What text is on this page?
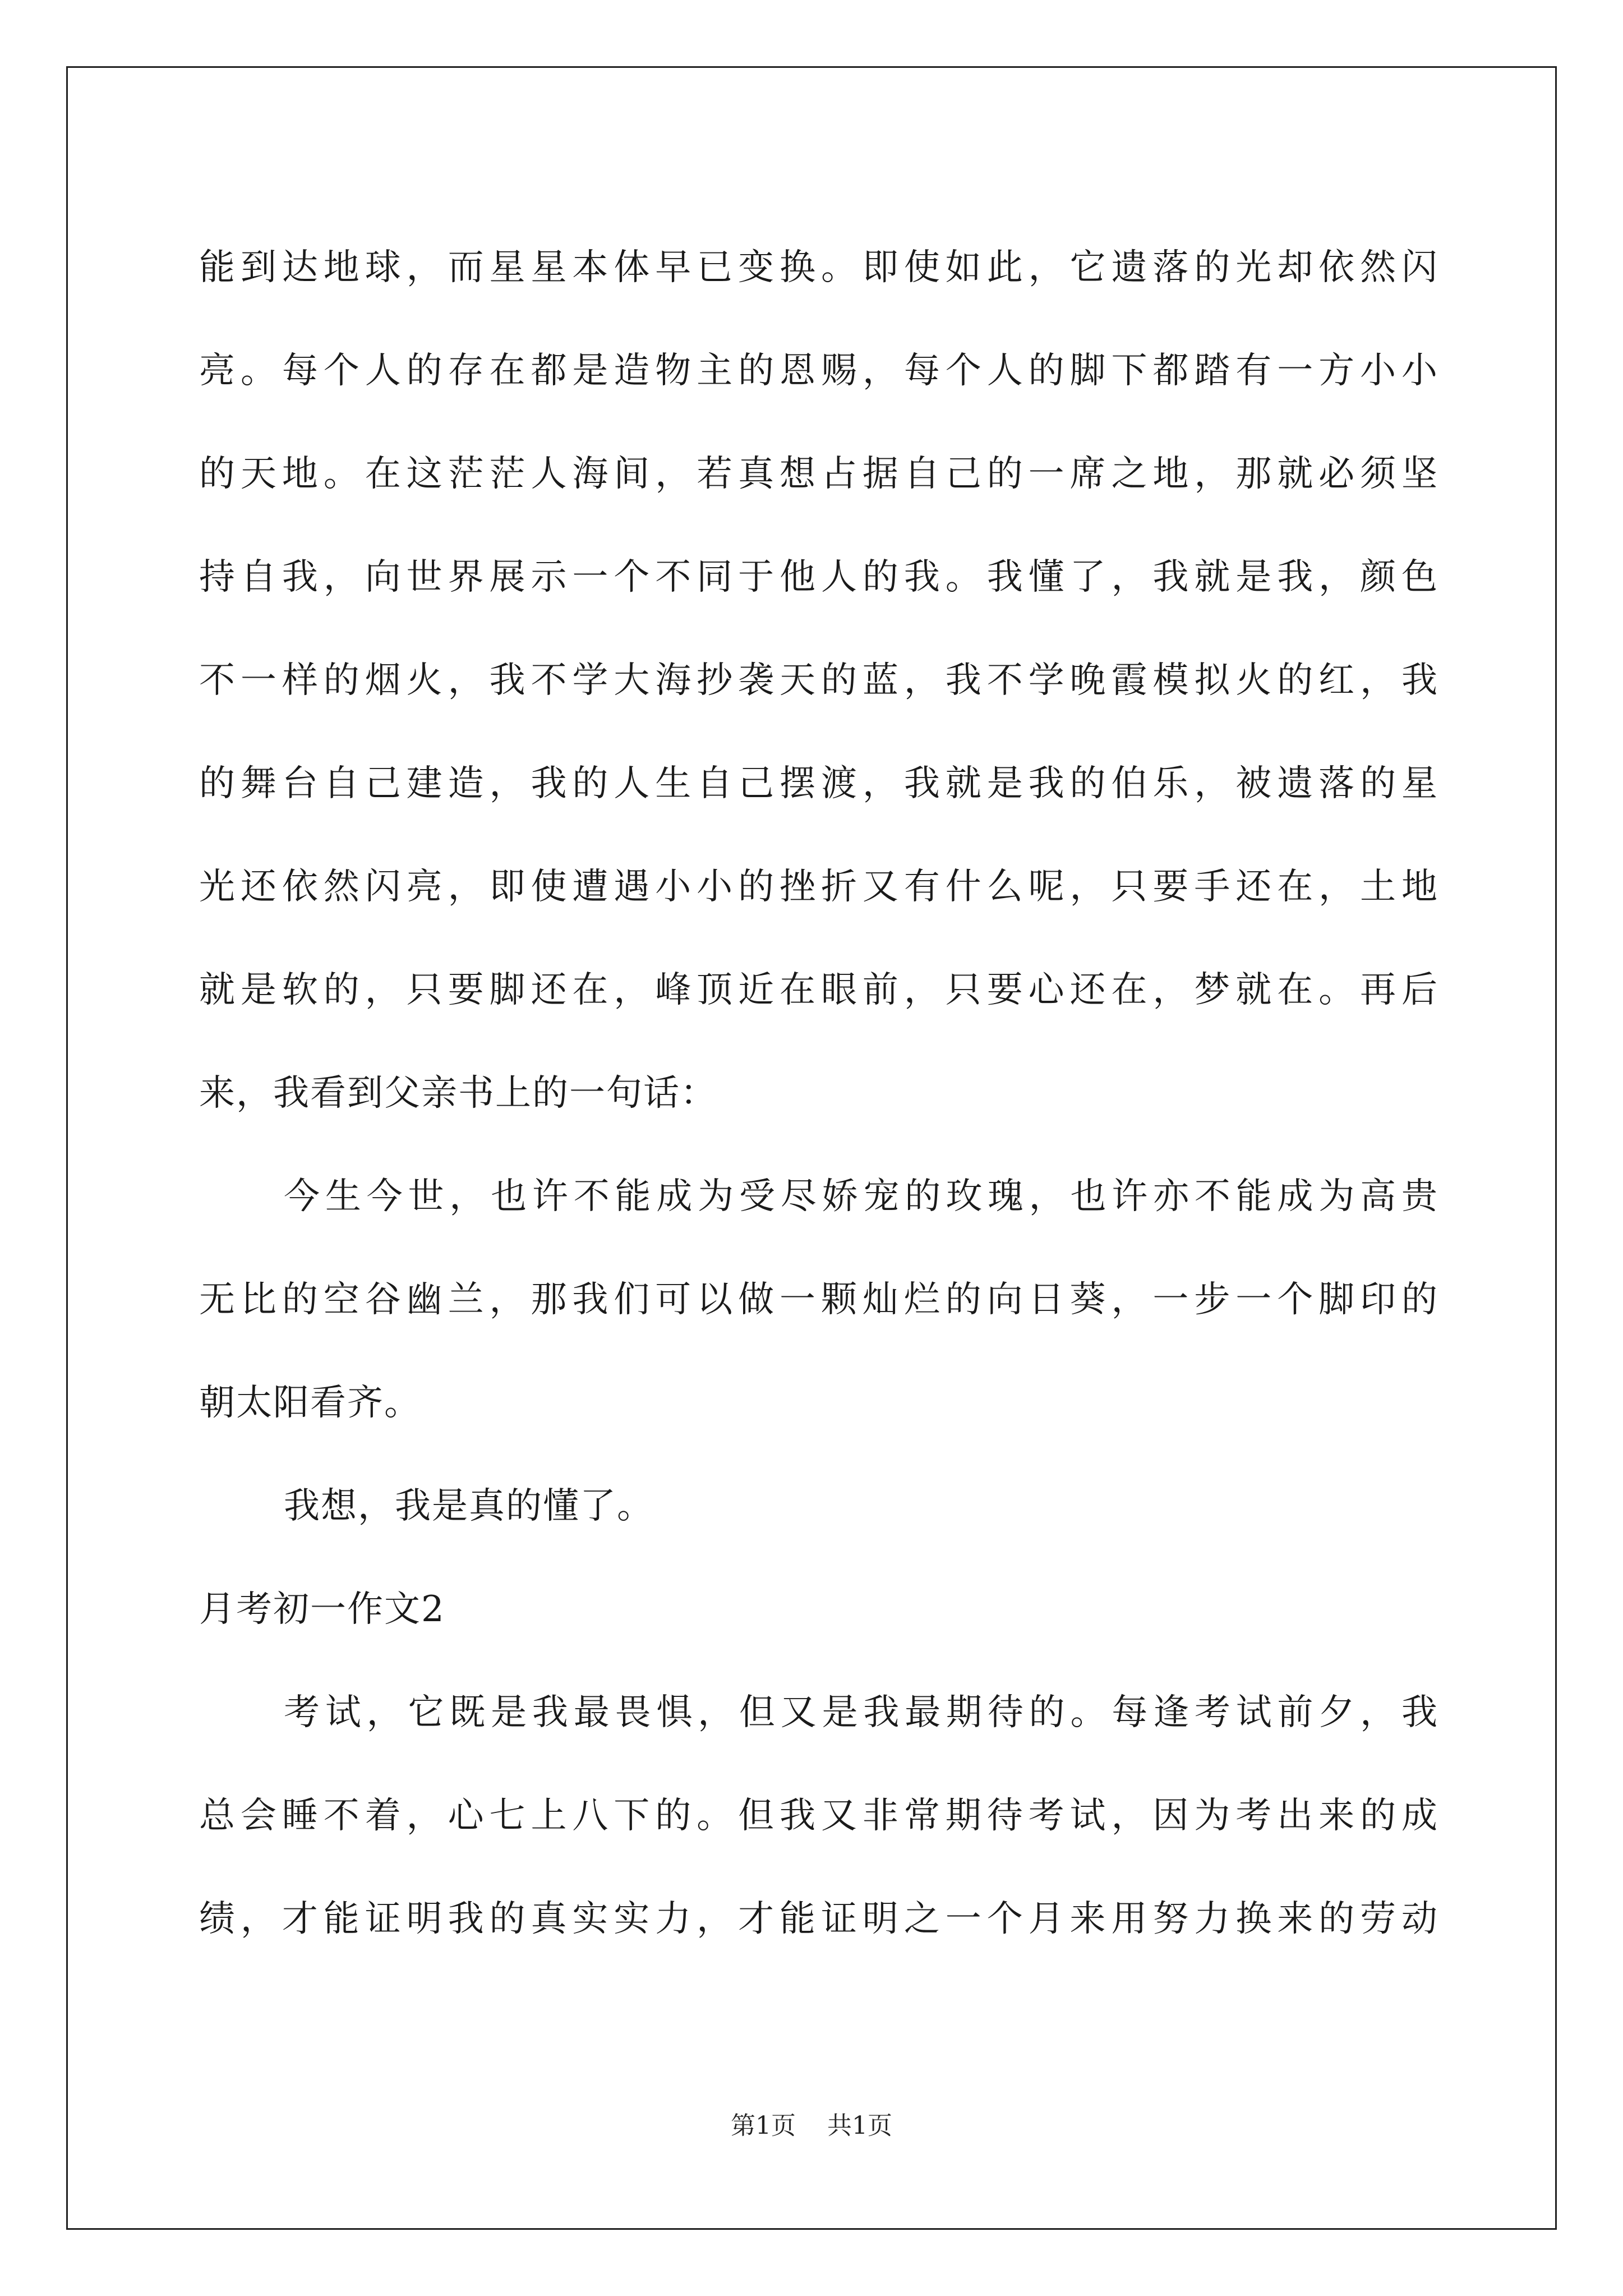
能到达地球，而星星本体早已变换。即使如此，它遗落的光却依然闪
亮。每个人的存在都是造物主的恩赐，每个人的脚下都踏有一方小小
的天地。在这茫茫人海间，若真想占据自己的一席之地，那就必须坚
持自我，向世界展示一个不同于他人的我。我懂了，我就是我，颜色
不一样的烟火，我不学大海抄袭天的蓝，我不学晚霞模拟火的红，我
的舞台自己建造，我的人生自己摆渡，我就是我的伯乐，被遗落的星
光还依然闪亮，即使遭遇小小的挫折又有什么呢，只要手还在，土地
就是软的，只要脚还在，峰顶近在眼前，只要心还在，梦就在。再后
来，我看到父亲书上的一句话：
今生今世，也许不能成为受尽娇宠的玫瑰，也许亦不能成为高贵
无比的空谷幽兰，那我们可以做一颗灿烂的向日葵，一步一个脚印的
朝太阳看齐。
我想，我是真的懂了。
月考初一作文2
考试，它既是我最畏惧，但又是我最期待的。每逢考试前夕，我
总会睡不着，心七上八下的。但我又非常期待考试，因为考出来的成
绩，才能证明我的真实实力，才能证明之一个月来用努力换来的劳动
第1页 共1页
